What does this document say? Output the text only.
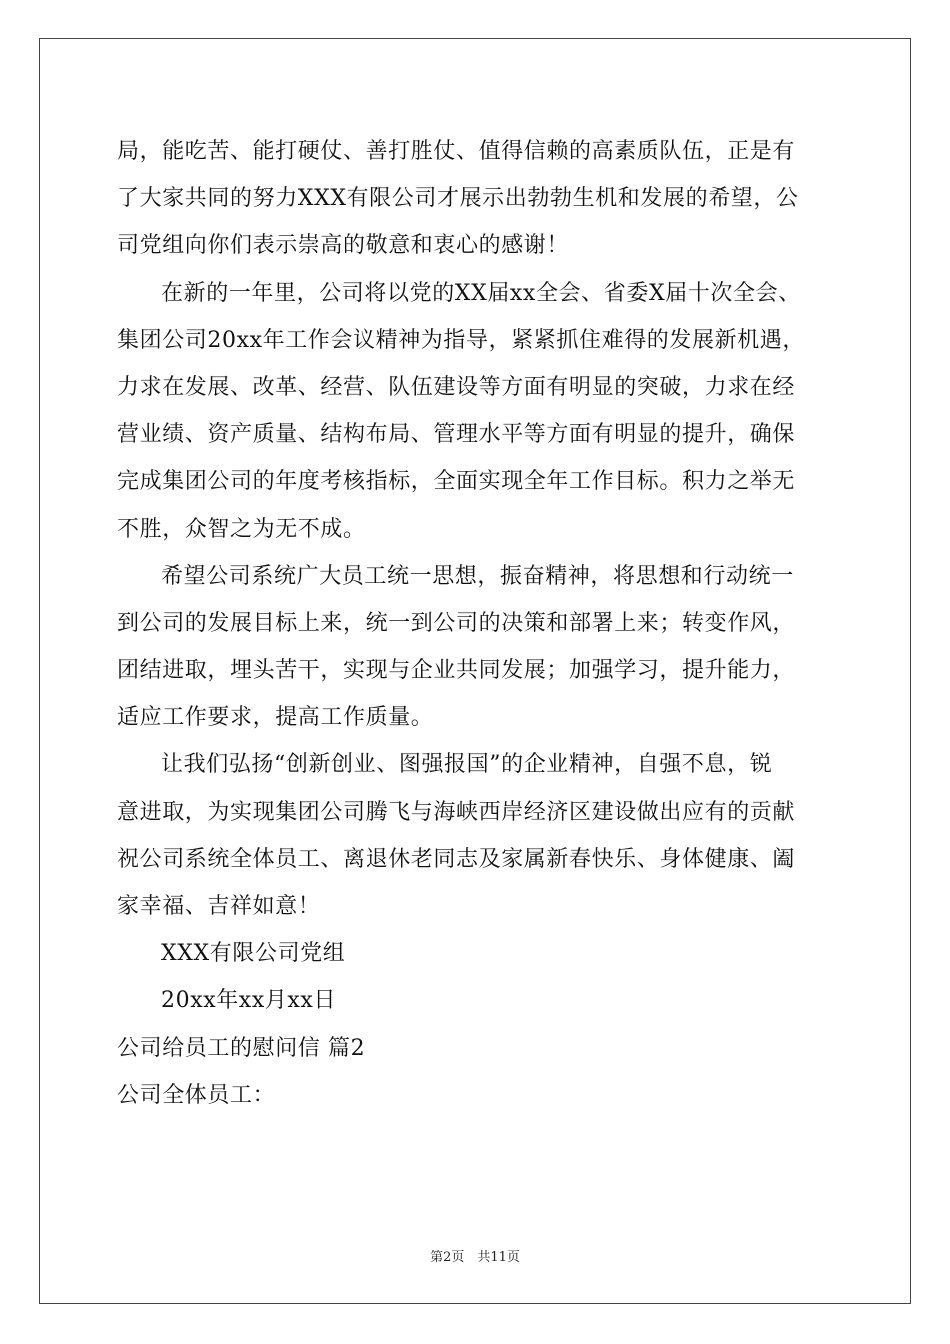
局，能吃苦、能打硬仗、善打胜仗、值得信赖的高素质队伍，正是有
了大家共同的努力XXX有限公司才展示出勃勃生机和发展的希望，公
司党组向你们表示崇高的敬意和衷心的感谢！
在新的一年里，公司将以党的XX届xx全会、省委X届十次全会、
集团公司20xx年工作会议精神为指导，紧紧抓住难得的发展新机遇，
力求在发展、改革、经营、队伍建设等方面有明显的突破，力求在经
营业绩、资产质量、结构布局、管理水平等方面有明显的提升，确保
完成集团公司的年度考核指标，全面实现全年工作目标。积力之举无
不胜，众智之为无不成。
希望公司系统广大员工统一思想，振奋精神，将思想和行动统一
到公司的发展目标上来，统一到公司的决策和部署上来；转变作风，
团结进取，埋头苦干，实现与企业共同发展；加强学习，提升能力，
适应工作要求，提高工作质量。
让我们弘扬“创新创业、图强报国”的企业精神，自强不息，锐
意进取，为实现集团公司腾飞与海峡西岸经济区建设做出应有的贡献
祝公司系统全体员工、离退休老同志及家属新春快乐、身体健康、阖
家幸福、吉祥如意！
XXX有限公司党组
20xx年xx月xx日
公司给员工的慰问信 篇2
公司全体员工：
第2页　共11页
